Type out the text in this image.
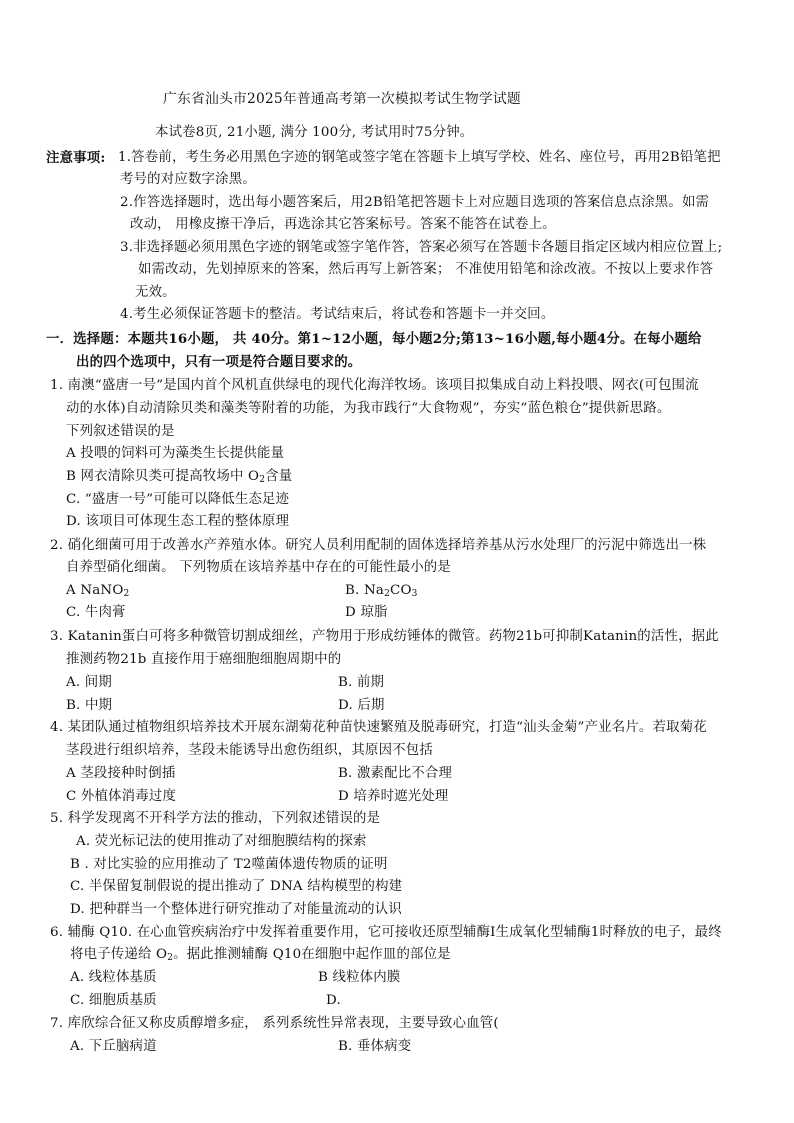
广东省汕头市2025年普通高考第一次模拟考试生物学试题
本试卷8页, 21小题, 满分 100分, 考试用时75分钟。
注意事项: 1.答卷前，考生务必用黑色字迹的钢笔或签字笔在答题卡上填写学校、姓名、座位号，再用2B铅笔把
考号的对应数字涂黑。
2.作答选择题时，选出每小题答案后，用2B铅笔把答题卡上对应题目选项的答案信息点涂黑。如需
改动， 用橡皮擦干净后，再选涂其它答案标号。答案不能答在试卷上。
3.非选择题必须用黑色字迹的钢笔或签字笔作答，答案必须写在答题卡各题目指定区域内相应位置上;
如需改动，先划掉原来的答案，然后再写上新答案； 不准使用铅笔和涂改液。不按以上要求作答
无效。
4.考生必须保证答题卡的整洁。考试结束后，将试卷和答题卡一并交回。
一．选择题：本题共16小题， 共 40分。第1~12小题，每小题2分;第13~16小题,每小题4分。在每小题给
出的四个选项中，只有一项是符合题目要求的。
1. 南澳“盛唐一号”是国内首个风机直供绿电的现代化海洋牧场。该项目拟集成自动上料投喂、网衣(可包围流
动的水体)自动清除贝类和藻类等附着的功能，为我市践行“大食物观”，夯实“蓝色粮仓”提供新思路。
下列叙述错误的是
A 投喂的饲料可为藻类生长提供能量
B 网衣清除贝类可提高牧场中 $O_2$含量
C. “盛唐一号”可能可以降低生态足迹
D. 该项目可体现生态工程的整体原理
2. 硝化细菌可用于改善水产养殖水体。研究人员利用配制的固体选择培养基从污水处理厂的污泥中筛选出一株
自养型硝化细菌。 下列物质在该培养基中存在的可能性最小的是
A NaNO$_2$	B. $Na_2CO_3$
C. 牛肉膏	D 琼脂
3. Katanin蛋白可将多种微管切割成细丝，产物用于形成纺锤体的微管。药物21b可抑制Katanin的活性，据此
推测药物21b 直接作用于癌细胞细胞周期中的
A. 间期	B. 前期
B. 中期	D. 后期
4. 某团队通过植物组织培养技术开展东湖菊花种苗快速繁殖及脱毒研究，打造“汕头金菊”产业名片。若取菊花
茎段进行组织培养，茎段未能诱导出愈伤组织，其原因不包括
A 茎段接种时倒插	B. 激素配比不合理
C 外植体消毒过度	D 培养时遮光处理
5. 科学发现离不开科学方法的推动，下列叙述错误的是
A. 荧光标记法的使用推动了对细胞膜结构的探索
B . 对比实验的应用推动了 T2噬菌体遗传物质的证明
C. 半保留复制假说的提出推动了 DNA 结构模型的构建
D. 把种群当一个整体进行研究推动了对能量流动的认识
6. 辅酶 Q10. 在心血管疾病治疗中发挥着重要作用，它可接收还原型辅酶Ⅰ生成氧化型辅酶1时释放的电子，最终
将电子传递给 $O_2$。据此推测辅酶 Q10在细胞中起作皿的部位是
A. 线粒体基质	B 线粒体内膜
C. 细胞质基质	D.
7. 库欣综合征又称皮质醇增多症， 系列系统性异常表现，主要导致心血管(
A. 下丘脑病道	B. 垂体病变
